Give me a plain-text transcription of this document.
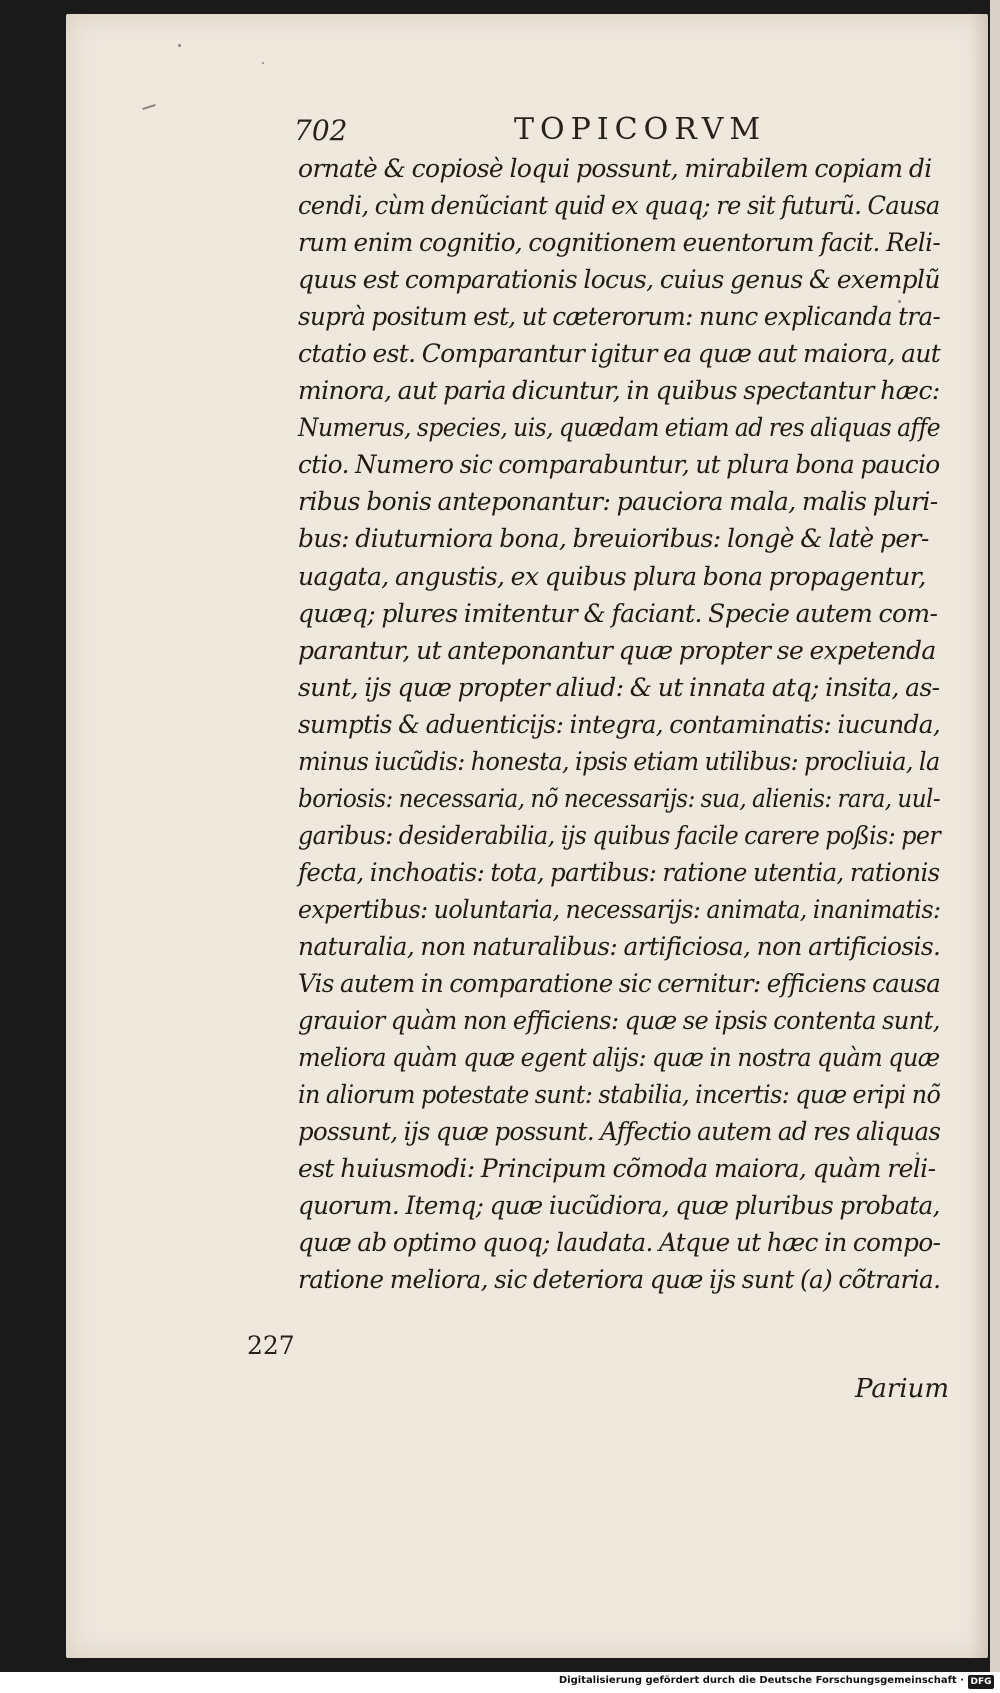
702	TOPICORVM
ornatè & copiosè loqui possunt, mirabilem copiam di
cendi, cùm denũciant quid ex quaq; re sit futurũ. Causa
rum enim cognitio, cognitionem euentorum facit. Reli-
quus est comparationis locus, cuius genus & exemplũ
suprà positum est, ut cæterorum: nunc explicanda tra-
ctatio est. Comparantur igitur ea quæ aut maiora, aut
minora, aut paria dicuntur, in quibus spectantur hæc:
Numerus, species, uis, quædam etiam ad res aliquas affe
ctio. Numero sic comparabuntur, ut plura bona paucio
ribus bonis anteponantur: pauciora mala, malis pluri-
bus: diuturniora bona, breuioribus: longè & latè per-
uagata, angustis, ex quibus plura bona propagentur,
quæq; plures imitentur & faciant. Specie autem com-
parantur, ut anteponantur quæ propter se expetenda
sunt, ijs quæ propter aliud: & ut innata atq; insita, as-
sumptis & aduenticijs: integra, contaminatis: iucunda,
minus iucũdis: honesta, ipsis etiam utilibus: procliuia, la
boriosis: necessaria, nõ necessarijs: sua, alienis: rara, uul-
garibus: desiderabilia, ijs quibus facile carere poßis: per
fecta, inchoatis: tota, partibus: ratione utentia, rationis
expertibus: uoluntaria, necessarijs: animata, inanimatis:
naturalia, non naturalibus: artificiosa, non artificiosis.
Vis autem in comparatione sic cernitur: efficiens causa
grauior quàm non efficiens: quæ se ipsis contenta sunt,
meliora quàm quæ egent alijs: quæ in nostra quàm quæ
in aliorum potestate sunt: stabilia, incertis: quæ eripi nõ
possunt, ijs quæ possunt. Affectio autem ad res aliquas
est huiusmodi: Principum cõmoda maiora, quàm reli-
quorum. Itemq; quæ iucũdiora, quæ pluribus probata,
quæ ab optimo quoq; laudata. Atque ut hæc in compo-
ratione meliora, sic deteriora quæ ijs sunt (a) cõtraria.
227
Parium
Digitalisierung gefördert durch die Deutsche Forschungsgemeinschaft · DFG
